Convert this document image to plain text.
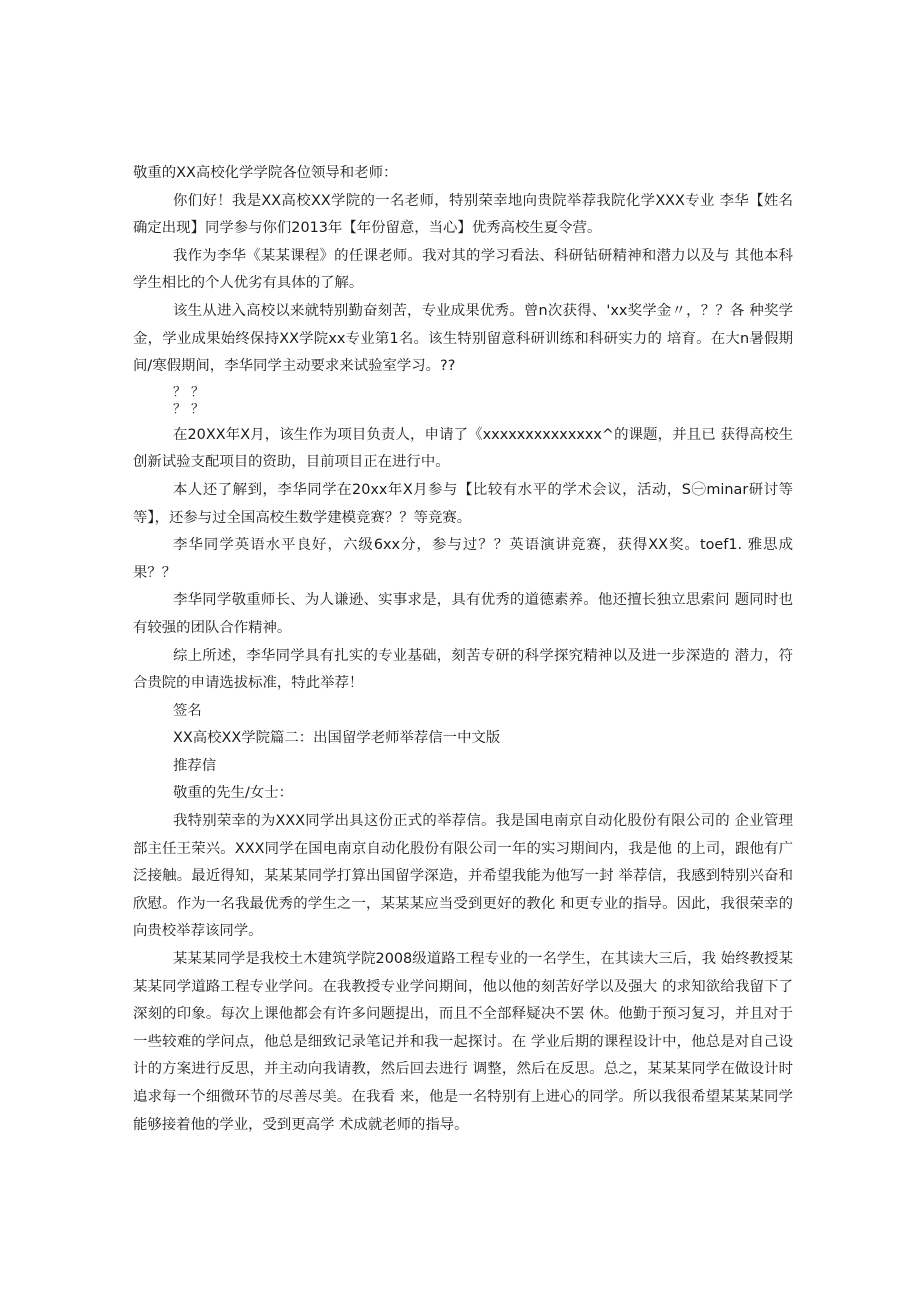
敬重的XX高校化学学院各位领导和老师：

你们好！我是XX高校XX学院的一名老师，特别荣幸地向贵院举荐我院化学XXX专业 李华【姓名确定出现】同学参与你们2013年【年份留意，当心】优秀高校生夏令营。

我作为李华《某某课程》的任课老师。我对其的学习看法、科研钻研精神和潜力以及与 其他本科学生相比的个人优劣有具体的了解。

该生从进入高校以来就特别勤奋刻苦，专业成果优秀。曾n次获得、'xx奖学金〃，？？各 种奖学金，学业成果始终保持XX学院xx专业第1名。该生特别留意科研训练和科研实力的 培育。在大n暑假期间/寒假期间，李华同学主动要求来试验室学习。??

？？
？？

在20XX年X月，该生作为项目负责人，申请了《xxxxxxxxxxxxxx^的课题，并且已 获得高校生创新试验支配项目的资助，目前项目正在进行中。

本人还了解到，李华同学在20xx年X月参与【比较有水平的学术会议，活动，S㊀minar研讨等等】，还参与过全国高校生数学建模竞赛？？等竞赛。

李华同学英语水平良好，六级6xx分，参与过？？英语演讲竞赛，获得XX奖。toef1. 雅思成果？？

李华同学敬重师长、为人谦逊、实事求是，具有优秀的道德素养。他还擅长独立思索问 题同时也有较强的团队合作精神。

综上所述，李华同学具有扎实的专业基础，刻苦专研的科学探究精神以及进一步深造的 潜力，符合贵院的申请选拔标准，特此举荐！

签名

XX高校XX学院篇二：出国留学老师举荐信一中文版

推荐信

敬重的先生/女士：

我特别荣幸的为XXX同学出具这份正式的举荐信。我是国电南京自动化股份有限公司的 企业管理部主任王荣兴。XXX同学在国电南京自动化股份有限公司一年的实习期间内，我是他 的上司，跟他有广泛接触。最近得知，某某某同学打算出国留学深造，并希望我能为他写一封 举荐信，我感到特别兴奋和欣慰。作为一名我最优秀的学生之一，某某某应当受到更好的教化 和更专业的指导。因此，我很荣幸的向贵校举荐该同学。

某某某同学是我校土木建筑学院2008级道路工程专业的一名学生，在其读大三后，我 始终教授某某某同学道路工程专业学问。在我教授专业学问期间，他以他的刻苦好学以及强大 的求知欲给我留下了深刻的印象。每次上课他都会有许多问题提出，而且不全部释疑决不罢 休。他勤于预习复习，并且对于一些较难的学问点，他总是细致记录笔记并和我一起探讨。在 学业后期的课程设计中，他总是对自己设计的方案进行反思，并主动向我请教，然后回去进行 调整，然后在反思。总之，某某某同学在做设计时追求每一个细微环节的尽善尽美。在我看 来，他是一名特别有上进心的同学。所以我很希望某某某同学能够接着他的学业，受到更高学 术成就老师的指导。
